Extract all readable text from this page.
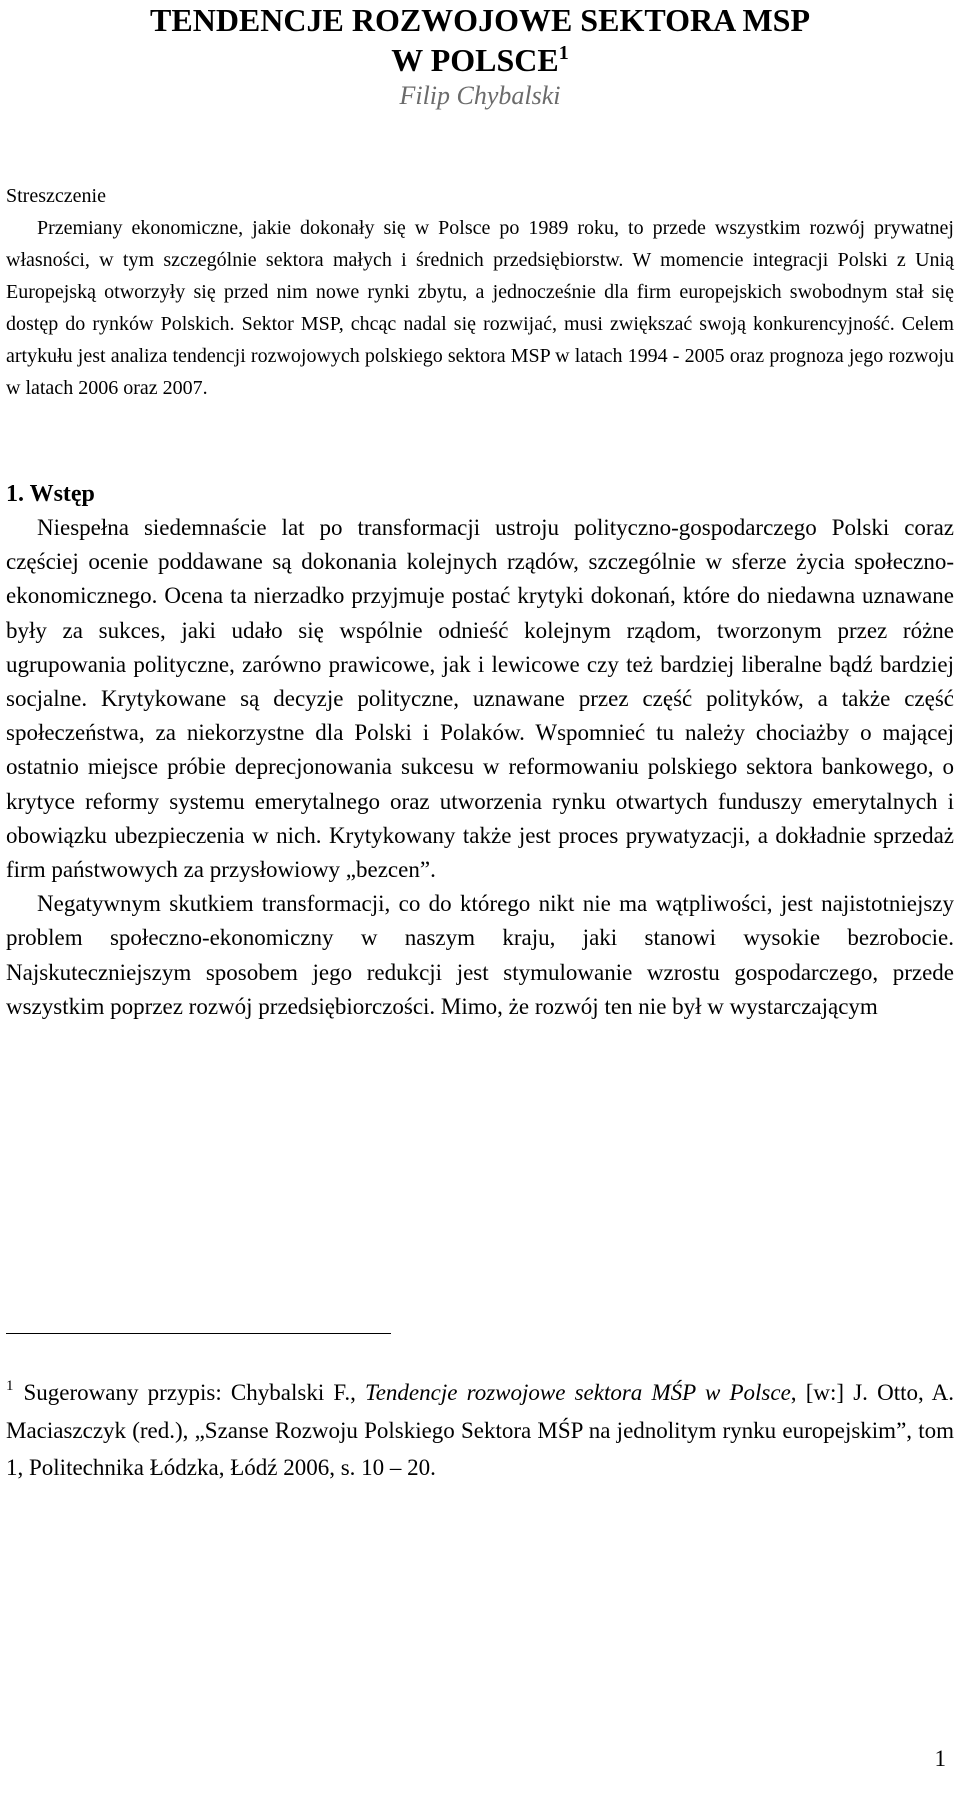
TENDENCJE ROZWOJOWE SEKTORA MSP
W POLSCE$^1$
Filip Chybalski
Streszczenie

Przemiany ekonomiczne, jakie dokonały się w Polsce po 1989 roku, to przede wszystkim rozwój prywatnej własności, w tym szczególnie sektora małych i średnich przedsiębiorstw. W momencie integracji Polski z Unią Europejską otworzyły się przed nim nowe rynki zbytu, a jednocześnie dla firm europejskich swobodnym stał się dostęp do rynków Polskich. Sektor MSP, chcąc nadal się rozwijać, musi zwiększać swoją konkurencyjność. Celem artykułu jest analiza tendencji rozwojowych polskiego sektora MSP w latach 1994 - 2005 oraz prognoza jego rozwoju w latach 2006 oraz 2007.

1. Wstęp

Niespełna siedemnaście lat po transformacji ustroju polityczno-gospodarczego Polski coraz częściej ocenie poddawane są dokonania kolejnych rządów, szczególnie w sferze życia społeczno-ekonomicznego. Ocena ta nierzadko przyjmuje postać krytyki dokonań, które do niedawna uznawane były za sukces, jaki udało się wspólnie odnieść kolejnym rządom, tworzonym przez różne ugrupowania polityczne, zarówno prawicowe, jak i lewicowe czy też bardziej liberalne bądź bardziej socjalne. Krytykowane są decyzje polityczne, uznawane przez część polityków, a także część społeczeństwa, za niekorzystne dla Polski i Polaków. Wspomnieć tu należy chociażby o mającej ostatnio miejsce próbie deprecjonowania sukcesu w reformowaniu polskiego sektora bankowego, o krytyce reformy systemu emerytalnego oraz utworzenia rynku otwartych funduszy emerytalnych i obowiązku ubezpieczenia w nich. Krytykowany także jest proces prywatyzacji, a dokładnie sprzedaż firm państwowych za przysłowiowy „bezcen”.

Negatywnym skutkiem transformacji, co do którego nikt nie ma wątpliwości, jest najistotniejszy problem społeczno-ekonomiczny w naszym kraju, jaki stanowi wysokie bezrobocie. Najskuteczniejszym sposobem jego redukcji jest stymulowanie wzrostu gospodarczego, przede wszystkim poprzez rozwój przedsiębiorczości. Mimo, że rozwój ten nie był w wystarczającym

$^1$ Sugerowany przypis: Chybalski F., Tendencje rozwojowe sektora MŚP w Polsce, [w:] J. Otto, A. Maciaszczyk (red.), „Szanse Rozwoju Polskiego Sektora MŚP na jednolitym rynku europejskim”, tom 1, Politechnika Łódzka, Łódź 2006, s. 10 – 20.

1
